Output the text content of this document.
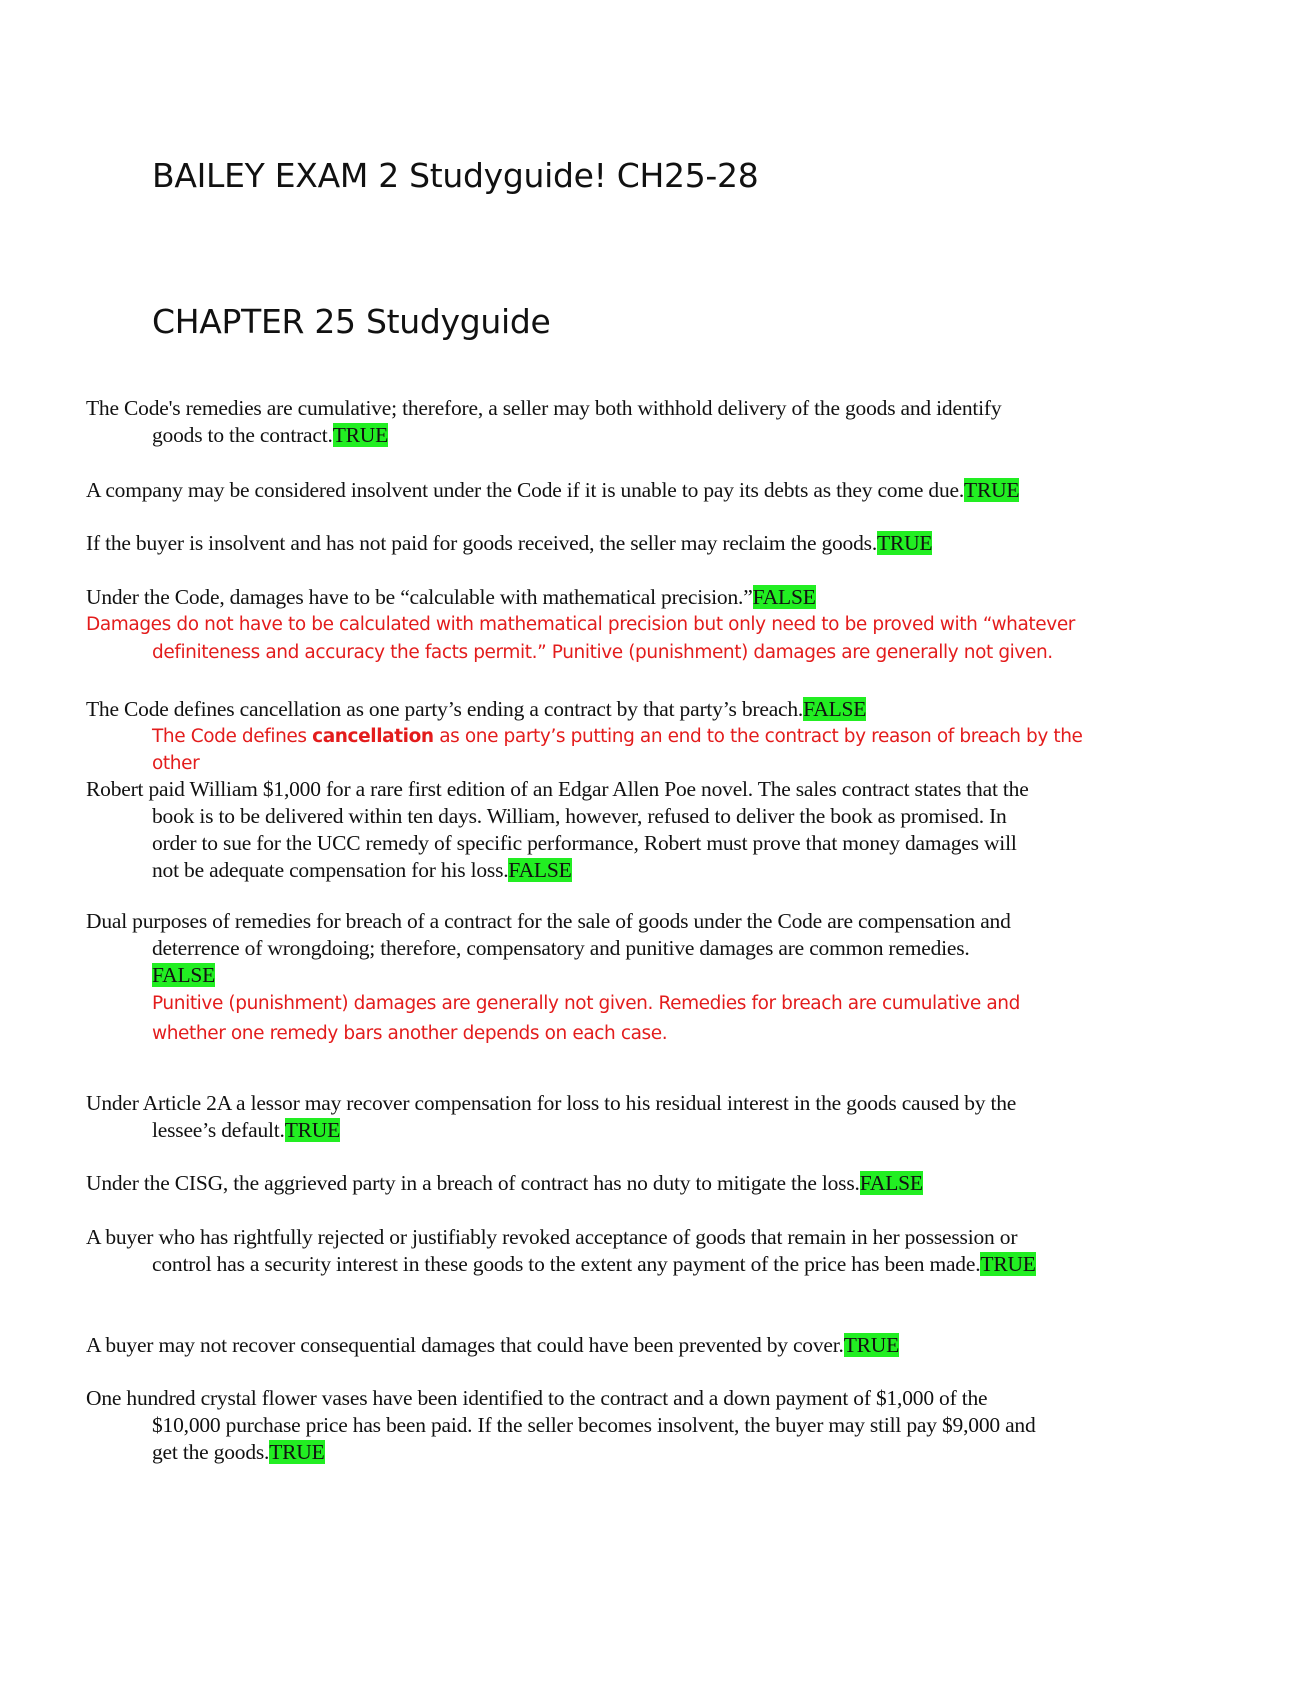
BAILEY EXAM 2 Studyguide! CH25-28
CHAPTER 25 Studyguide
The Code's remedies are cumulative; therefore, a seller may both withhold delivery of the goods and identify
goods to the contract.TRUE
A company may be considered insolvent under the Code if it is unable to pay its debts as they come due.TRUE
If the buyer is insolvent and has not paid for goods received, the seller may reclaim the goods.TRUE
Under the Code, damages have to be “calculable with mathematical precision.”FALSE
Damages do not have to be calculated with mathematical precision but only need to be proved with “whatever
definiteness and accuracy the facts permit.” Punitive (punishment) damages are generally not given.
The Code defines cancellation as one party’s ending a contract by that party’s breach.FALSE
The Code defines cancellation as one party’s putting an end to the contract by reason of breach by the
other
Robert paid William $1,000 for a rare first edition of an Edgar Allen Poe novel. The sales contract states that the
book is to be delivered within ten days. William, however, refused to deliver the book as promised. In
order to sue for the UCC remedy of specific performance, Robert must prove that money damages will
not be adequate compensation for his loss.FALSE
Dual purposes of remedies for breach of a contract for the sale of goods under the Code are compensation and
deterrence of wrongdoing; therefore, compensatory and punitive damages are common remedies.
FALSE
Punitive (punishment) damages are generally not given. Remedies for breach are cumulative and
whether one remedy bars another depends on each case.
Under Article 2A a lessor may recover compensation for loss to his residual interest in the goods caused by the
lessee’s default.TRUE
Under the CISG, the aggrieved party in a breach of contract has no duty to mitigate the loss.FALSE
A buyer who has rightfully rejected or justifiably revoked acceptance of goods that remain in her possession or
control has a security interest in these goods to the extent any payment of the price has been made.TRUE
A buyer may not recover consequential damages that could have been prevented by cover.TRUE
One hundred crystal flower vases have been identified to the contract and a down payment of $1,000 of the
$10,000 purchase price has been paid. If the seller becomes insolvent, the buyer may still pay $9,000 and
get the goods.TRUE
